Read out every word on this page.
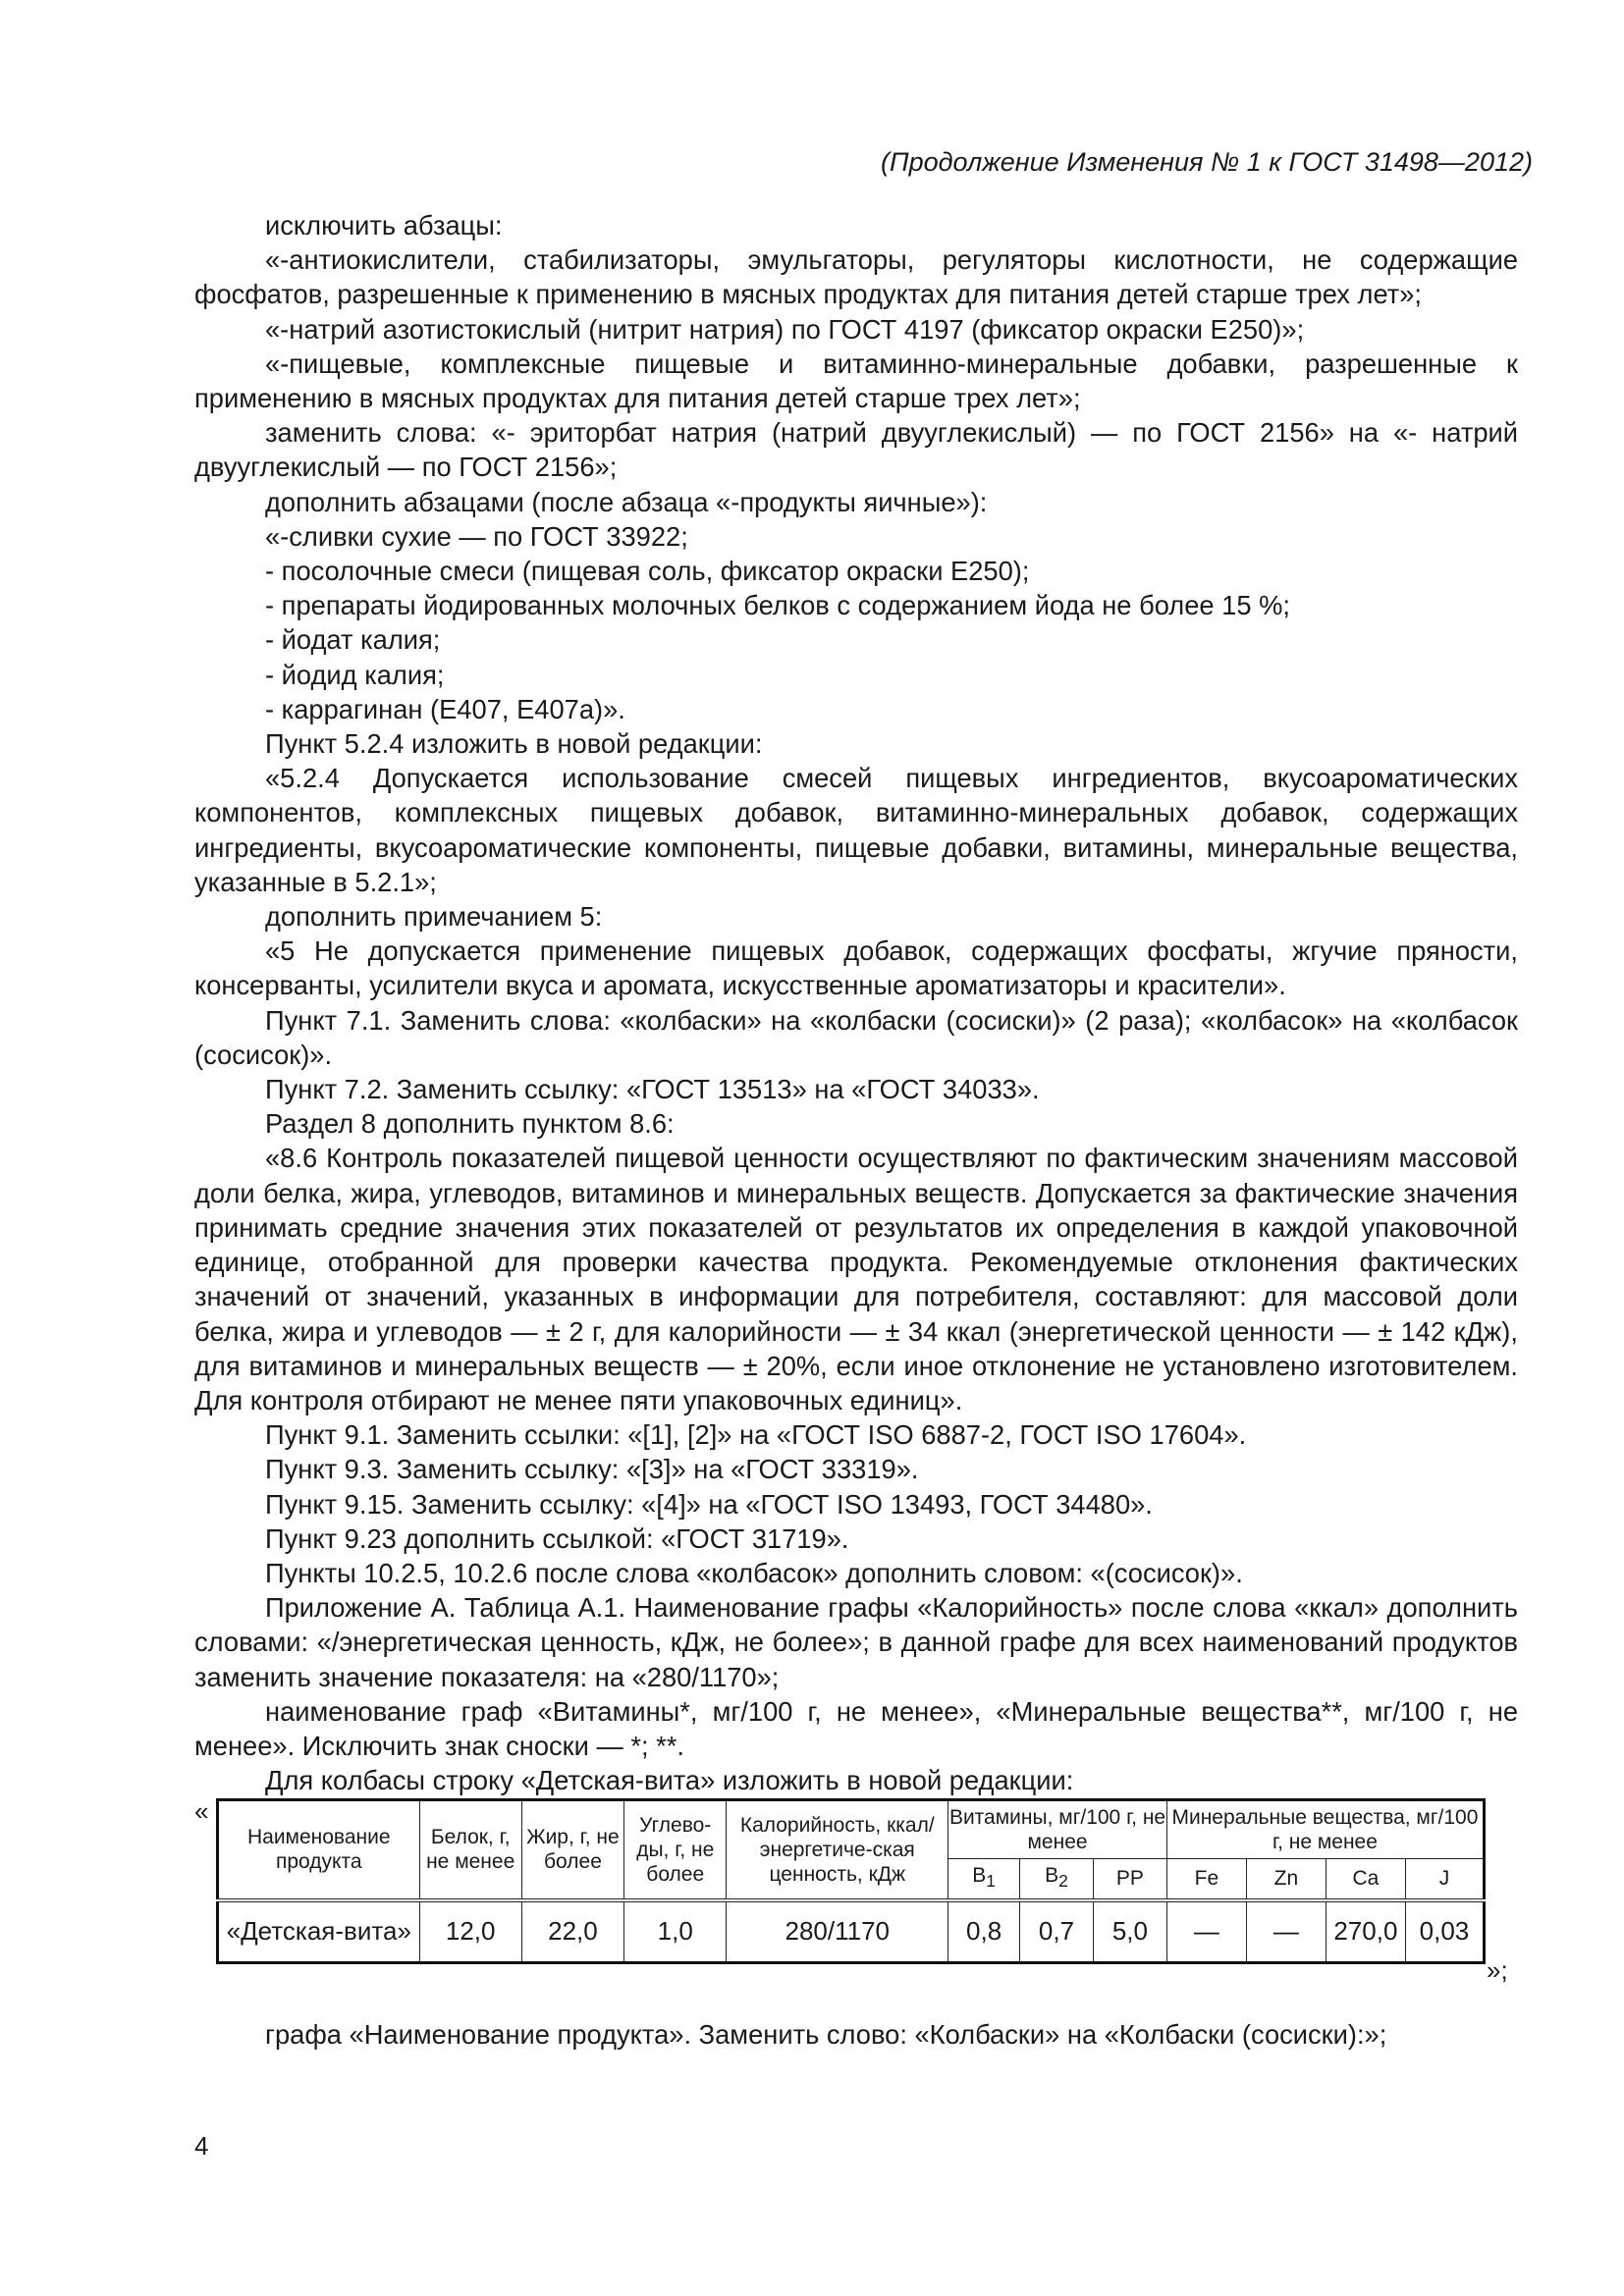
(Продолжение Изменения № 1 к ГОСТ 31498—2012)

исключить абзацы:

«-антиокислители, стабилизаторы, эмульгаторы, регуляторы кислотности, не содержащие фосфатов, разрешенные к применению в мясных продуктах для питания детей старше трех лет»;

«-натрий азотистокислый (нитрит натрия) по ГОСТ 4197 (фиксатор окраски Е250)»;

«-пищевые, комплексные пищевые и витаминно-минеральные добавки, разрешенные к применению в мясных продуктах для питания детей старше трех лет»;

заменить слова: «- эриторбат натрия (натрий двууглекислый) — по ГОСТ 2156» на «- натрий двууглекислый — по ГОСТ 2156»;

дополнить абзацами (после абзаца «-продукты яичные»):

«-сливки сухие — по ГОСТ 33922;

- посолочные смеси (пищевая соль, фиксатор окраски Е250);

- препараты йодированных молочных белков с содержанием йода не более 15 %;

- йодат калия;

- йодид калия;

- каррагинан (Е407, Е407а)».

Пункт 5.2.4 изложить в новой редакции:

«5.2.4 Допускается использование смесей пищевых ингредиентов, вкусоароматических компонентов, комплексных пищевых добавок, витаминно-минеральных добавок, содержащих ингредиенты, вкусоароматические компоненты, пищевые добавки, витамины, минеральные вещества, указанные в 5.2.1»;

дополнить примечанием 5:

«5 Не допускается применение пищевых добавок, содержащих фосфаты, жгучие пряности, консерванты, усилители вкуса и аромата, искусственные ароматизаторы и красители».

Пункт 7.1. Заменить слова: «колбаски» на «колбаски (сосиски)» (2 раза); «колбасок» на «колбасок (сосисок)».

Пункт 7.2. Заменить ссылку: «ГОСТ 13513» на «ГОСТ 34033».

Раздел 8 дополнить пунктом 8.6:

«8.6 Контроль показателей пищевой ценности осуществляют по фактическим значениям массовой доли белка, жира, углеводов, витаминов и минеральных веществ. Допускается за фактические значения принимать средние значения этих показателей от результатов их определения в каждой упаковочной единице, отобранной для проверки качества продукта. Рекомендуемые отклонения фактических значений от значений, указанных в информации для потребителя, составляют: для массовой доли белка, жира и углеводов — ± 2 г, для калорийности — ± 34 ккал (энергетической ценности — ± 142 кДж), для витаминов и минеральных веществ — ± 20%, если иное отклонение не установлено изготовителем. Для контроля отбирают не менее пяти упаковочных единиц».

Пункт 9.1. Заменить ссылки: «[1], [2]» на «ГОСТ ISO 6887-2, ГОСТ ISO 17604».

Пункт 9.3. Заменить ссылку: «[3]» на «ГОСТ 33319».

Пункт 9.15. Заменить ссылку: «[4]» на «ГОСТ ISO 13493, ГОСТ 34480».

Пункт 9.23 дополнить ссылкой: «ГОСТ 31719».

Пункты 10.2.5, 10.2.6 после слова «колбасок» дополнить словом: «(сосисок)».

Приложение А. Таблица А.1. Наименование графы «Калорийность» после слова «ккал» дополнить словами: «/энергетическая ценность, кДж, не более»; в данной графе для всех наименований продуктов заменить значение показателя: на «280/1170»;

наименование граф «Витамины*, мг/100 г, не менее», «Минеральные вещества**, мг/100 г, не менее». Исключить знак сноски — *; **.

Для колбасы строку «Детская-вита» изложить в новой редакции:

«
Наименование продукта	Белок, г, не менее	Жир, г, не более	Углево-ды, г, не более	Калорийность, ккал/энергетиче-ская ценность, кДж	Витамины, мг/100 г, не менее			Минеральные вещества, мг/100 г, не менее			
					$B_1$	$B_2$	PP	Fe	Zn	Ca	J
«Детская-вита»	12,0	22,0	1,0	280/1170	0,8	0,7	5,0	—	—	270,0	0,03
»;
графа «Наименование продукта». Заменить слово: «Колбаски» на «Колбаски (сосиски):»;
4
